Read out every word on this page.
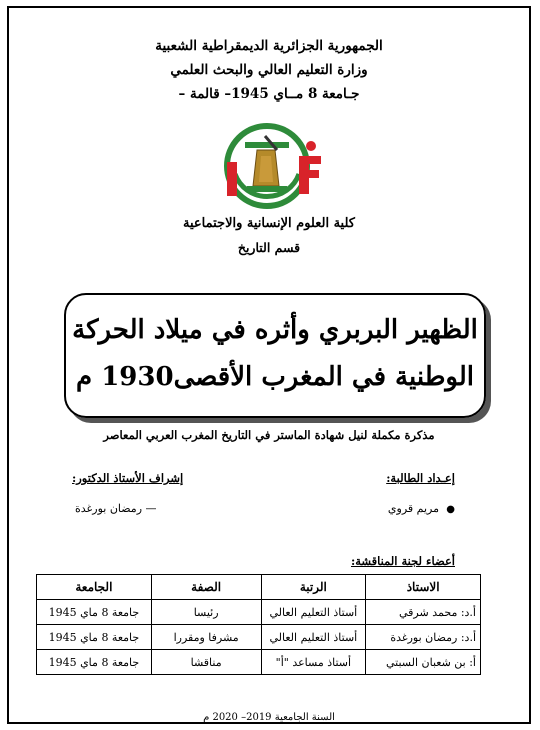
الجمهورية الجزائرية الديمقراطية الشعبية
وزارة التعليم العالي والبحث العلمي
جـامعة 8 مــاي 1945– قالمة –
كلية العلوم الإنسانية والاجتماعية
قسم التاريخ
الظهير البربري وأثره في ميلاد الحركة
الوطنية في المغرب الأقصى1930 م
مذكرة مكملة لنيل شهادة الماستر في التاريخ المغرب العربي المعاصر
إعـداد الطالبة:
إشراف الأستاذ الدكتور:
●
مريم قروي
— رمضان بورغدة
أعضاء لجنة المناقشة:
الاستاذ	الرتبة	الصفة	الجامعة
أ.د: محمد شرقي	أستاذ التعليم العالي	رئيسا	جامعة 8 ماي 1945
أ.د: رمضان بورغدة	أستاذ التعليم العالي	مشرفا ومقررا	جامعة 8 ماي 1945
أ: بن شعبان السبتي	أستاذ مساعد "أ"	مناقشا	جامعة 8 ماي 1945
السنة الجامعية 2019– 2020 م
